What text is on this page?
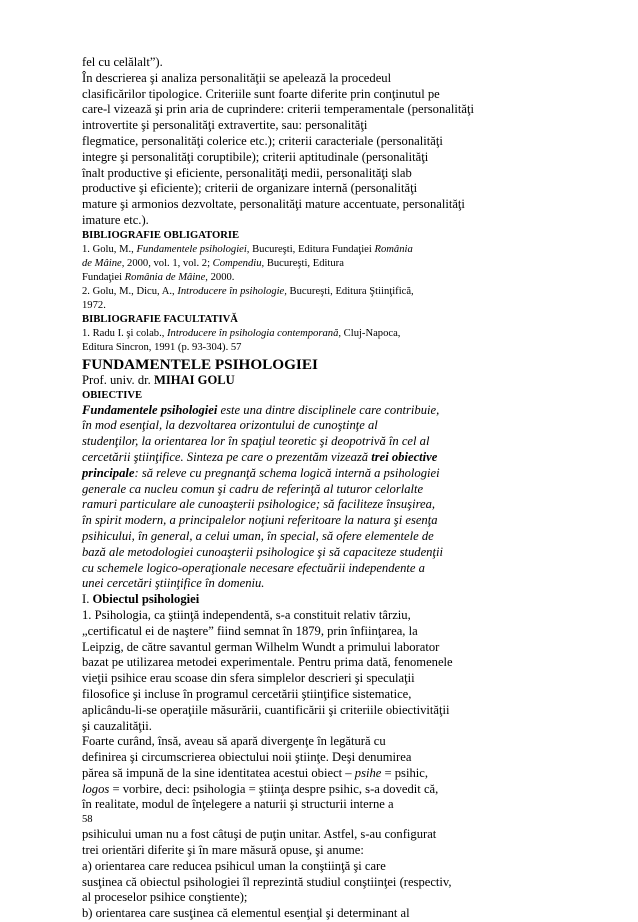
fel cu celălalt”).
În descrierea şi analiza personalităţii se apelează la procedeul
clasificărilor tipologice. Criteriile sunt foarte diferite prin conţinutul pe
care-l vizează şi prin aria de cuprindere: criterii temperamentale (personalităţi
introvertite şi personalităţi extravertite, sau: personalităţi
flegmatice, personalităţi colerice etc.); criterii caracteriale (personalităţi
integre şi personalităţi coruptibile); criterii aptitudinale (personalităţi
înalt productive şi eficiente, personalităţi medii, personalităţi slab
productive şi eficiente); criterii de organizare internă (personalităţi
mature şi armonios dezvoltate, personalităţi mature accentuate, personalităţi
imature etc.).
BIBLIOGRAFIE OBLIGATORIE
1. Golu, M., Fundamentele psihologiei, Bucureşti, Editura Fundaţiei România
de Mâine, 2000, vol. 1, vol. 2; Compendiu, Bucureşti, Editura
Fundaţiei România de Mâine, 2000.
2. Golu, M., Dicu, A., Introducere în psihologie, Bucureşti, Editura Ştiinţifică,
1972.
BIBLIOGRAFIE FACULTATIVĂ
1. Radu I. şi colab., Introducere în psihologia contemporană, Cluj-Napoca,
Editura Sincron, 1991 (p. 93-304). 57
FUNDAMENTELE PSIHOLOGIEI
Prof. univ. dr. MIHAI GOLU
OBIECTIVE
Fundamentele psihologiei este una dintre disciplinele care contribuie,
în mod esenţial, la dezvoltarea orizontului de cunoştinţe al
studenţilor, la orientarea lor în spaţiul teoretic şi deopotrivă în cel al
cercetării ştiinţifice. Sinteza pe care o prezentăm vizează trei obiective
principale: să releve cu pregnanţă schema logică internă a psihologiei
generale ca nucleu comun şi cadru de referinţă al tuturor celorlalte
ramuri particulare ale cunoaşterii psihologice; să faciliteze însuşirea,
în spirit modern, a principalelor noţiuni referitoare la natura şi esenţa
psihicului, în general, a celui uman, în special, să ofere elementele de
bază ale metodologiei cunoaşterii psihologice şi să capaciteze studenţii
cu schemele logico-operaţionale necesare efectuării independente a
unei cercetări ştiinţifice în domeniu.
I. Obiectul psihologiei
1. Psihologia, ca ştiinţă independentă, s-a constituit relativ târziu,
„certificatul ei de naştere” fiind semnat în 1879, prin înfiinţarea, la
Leipzig, de către savantul german Wilhelm Wundt a primului laborator
bazat pe utilizarea metodei experimentale. Pentru prima dată, fenomenele
vieţii psihice erau scoase din sfera simplelor descrieri şi speculaţii
filosofice şi incluse în programul cercetării ştiinţifice sistematice,
aplicându-li-se operaţiile măsurării, cuantificării şi criteriile obiectivităţii
şi cauzalităţii.
Foarte curând, însă, aveau să apară divergenţe în legătură cu
definirea şi circumscrierea obiectului noii ştiinţe. Deşi denumirea
părea să impună de la sine identitatea acestui obiect – psihe = psihic,
logos = vorbire, deci: psihologia = ştiinţa despre psihic, s-a dovedit că,
în realitate, modul de înţelegere a naturii şi structurii interne a
58
psihicului uman nu a fost câtuşi de puţin unitar. Astfel, s-au configurat
trei orientări diferite şi în mare măsură opuse, şi anume:
a) orientarea care reducea psihicul uman la conştiinţă şi care
susţinea că obiectul psihologiei îl reprezintă studiul conştiinţei (respectiv,
al proceselor psihice conştiente);
b) orientarea care susţinea că elementul esenţial şi determinant al
